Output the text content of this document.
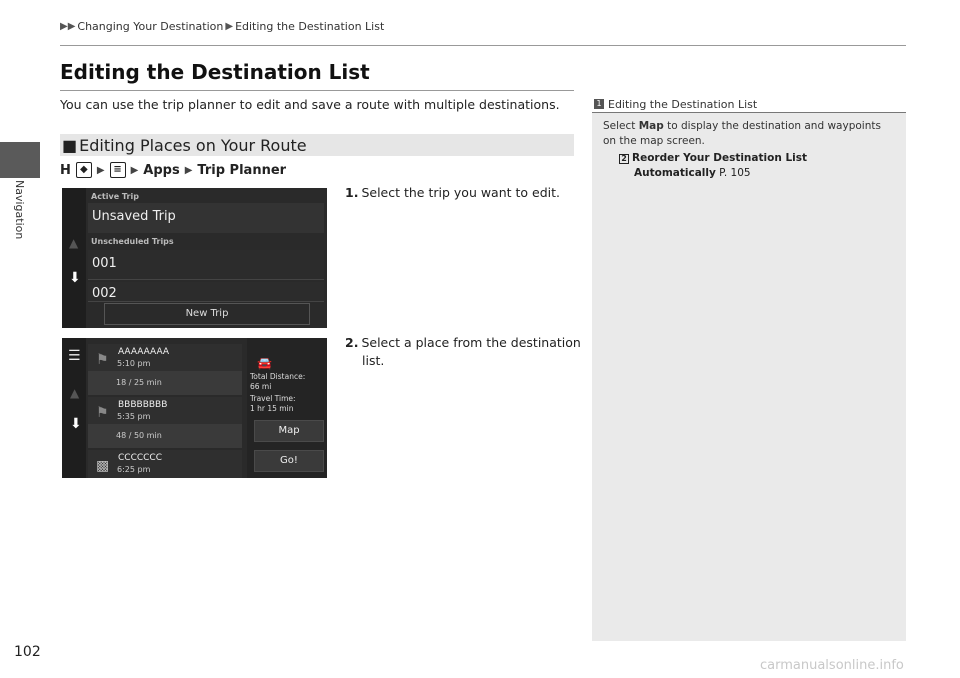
Navigation
▶▶ Changing Your Destination ▶ Editing the Destination List
Editing the Destination List
You can use the trip planner to edit and save a route with multiple destinations.
■ Editing Places on Your Route
H ◆ ▶ ≡ ▶ Apps ▶ Trip Planner
▲
⬇
Active Trip
Unsaved Trip
Unscheduled Trips
001
002
New Trip
1. Select the trip you want to edit.
☰
▲
⬇
⚑ AAAAAAAA
5:10 pm
18 / 25 min
⚑ BBBBBBBB
5:35 pm
48 / 50 min
▩ CCCCCCC
6:25 pm
🚘
Total Distance:
66 mi
Travel Time:
1 hr 15 min
Map
Go!
2. Select a place from the destination
list.
1 Editing the Destination List
Select Map to display the destination and waypoints
on the map screen.
2 Reorder Your Destination List
Automatically P. 105
102
carmanualsonline.info
